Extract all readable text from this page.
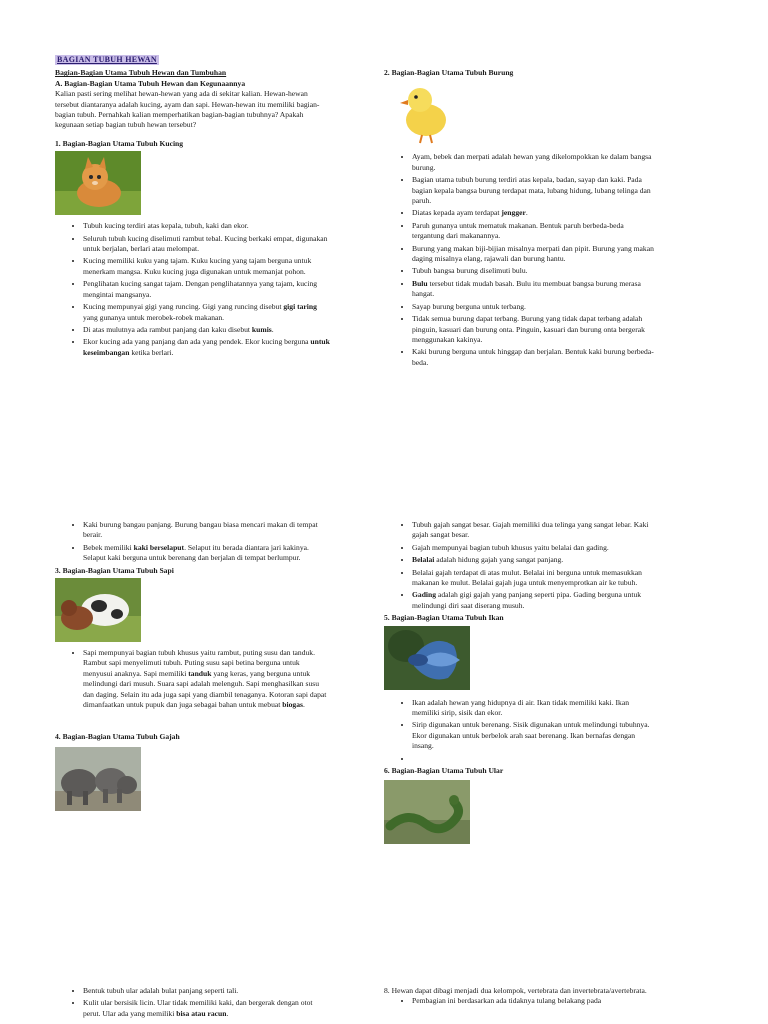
BAGIAN TUBUH HEWAN

Bagian-Bagian Utama Tubuh Hewan dan Tumbuhan

A. Bagian-Bagian Utama Tubuh Hewan dan Kegunaannya

Kalian pasti sering melihat hewan-hewan yang ada di sekitar kalian. Hewan-hewan tersebut diantaranya adalah kucing, ayam dan sapi. Hewan-hewan itu memiliki bagian-bagian tubuh. Pernahkah kalian memperhatikan bagian-bagian tubuhnya? Apakah kegunaan setiap bagian tubuh hewan tersebut?

1. Bagian-Bagian Utama Tubuh Kucing

• Tubuh kucing terdiri atas kepala, tubuh, kaki dan ekor.
• Seluruh tubuh kucing diselimuti rambut tebal. Kucing berkaki empat, digunakan untuk berjalan, berlari atau melompat.
• Kucing memiliki kuku yang tajam. Kuku kucing yang tajam berguna untuk menerkam mangsa. Kuku kucing juga digunakan untuk memanjat pohon.
• Penglihatan kucing sangat tajam. Dengan penglihatannya yang tajam, kucing mengintai mangsanya.
• Kucing mempunyai gigi yang runcing. Gigi yang runcing disebut gigi taring yang gunanya untuk merobek-robek makanan.
• Di atas mulutnya ada rambut panjang dan kaku disebut kumis.
• Ekor kucing ada yang panjang dan ada yang pendek. Ekor kucing berguna untuk keseimbangan ketika berlari.

2. Bagian-Bagian Utama Tubuh Burung

• Ayam, bebek dan merpati adalah hewan yang dikelompokkan ke dalam bangsa burung.
• Bagian utama tubuh burung terdiri atas kepala, badan, sayap dan kaki. Pada bagian kepala bangsa burung terdapat mata, lubang hidung, lubang telinga dan paruh.
• Diatas kepada ayam terdapat jengger.
• Paruh gunanya untuk mematuk makanan. Bentuk paruh berbeda-beda tergantung dari makanannya.
• Burung yang makan biji-bijian misalnya merpati dan pipit. Burung yang makan daging misalnya elang, rajawali dan burung hantu.
• Tubuh bangsa burung diselimuti bulu.
• Bulu tersebut tidak mudah basah. Bulu itu membuat bangsa burung merasa hangat.
• Sayap burung berguna untuk terbang.
• Tidak semua burung dapat terbang. Burung yang tidak dapat terbang adalah pinguin, kasuari dan burung onta. Pinguin, kasuari dan burung onta bergerak menggunakan kakinya.
• Kaki burung berguna untuk hinggap dan berjalan. Bentuk kaki burung berbeda-beda.
• Kaki burung bangau panjang. Burung bangau biasa mencari makan di tempat berair.
• Bebek memiliki kaki berselaput. Selaput itu berada diantara jari kakinya. Selaput kaki berguna untuk berenang dan berjalan di tempat berlumpur.

3. Bagian-Bagian Utama Tubuh Sapi

• Sapi mempunyai bagian tubuh khusus yaitu rambut, puting susu dan tanduk. Rambut sapi menyelimuti tubuh. Puting susu sapi betina berguna untuk menyusui anaknya. Sapi memiliki tanduk yang keras, yang berguna untuk melindungi dari musuh. Suara sapi adalah melenguh. Sapi menghasilkan susu dan daging. Selain itu ada juga sapi yang diambil tenaganya. Kotoran sapi dapat dimanfaatkan untuk pupuk dan juga sebagai bahan untuk mebuat biogas.

4. Bagian-Bagian Utama Tubuh Gajah

• Tubuh gajah sangat besar. Gajah memiliki dua telinga yang sangat lebar. Kaki gajah sangat besar.
• Gajah mempunyai bagian tubuh khusus yaitu belalai dan gading.
• Belalai adalah hidung gajah yang sangat panjang.
• Belalai gajah terdapat di atas mulut. Belalai ini berguna untuk memasukkan makanan ke mulut. Belalai gajah juga untuk menyemprotkan air ke tubuh.
• Gading adalah gigi gajah yang panjang seperti pipa. Gading berguna untuk melindungi diri saat diserang musuh.

5. Bagian-Bagian Utama Tubuh Ikan

• Ikan adalah hewan yang hidupnya di air. Ikan tidak memiliki kaki. Ikan memiliki sirip, sisik dan ekor.
• Sirip digunakan untuk berenang. Sisik digunakan untuk melindungi tubuhnya. Ekor digunakan untuk berbelok arah saat berenang. Ikan bernafas dengan insang.
•

6. Bagian-Bagian Utama Tubuh Ular

• Bentuk tubuh ular adalah bulat panjang seperti tali.
• Kulit ular bersisik licin. Ular tidak memiliki kaki, dan bergerak dengan otot perut. Ular ada yang memiliki bisa atau racun.

8. Hewan dapat dibagi menjadi dua kelompok, vertebrata dan invertebrata/avertebrata.

• Pembagian ini berdasarkan ada tidaknya tulang belakang pada
